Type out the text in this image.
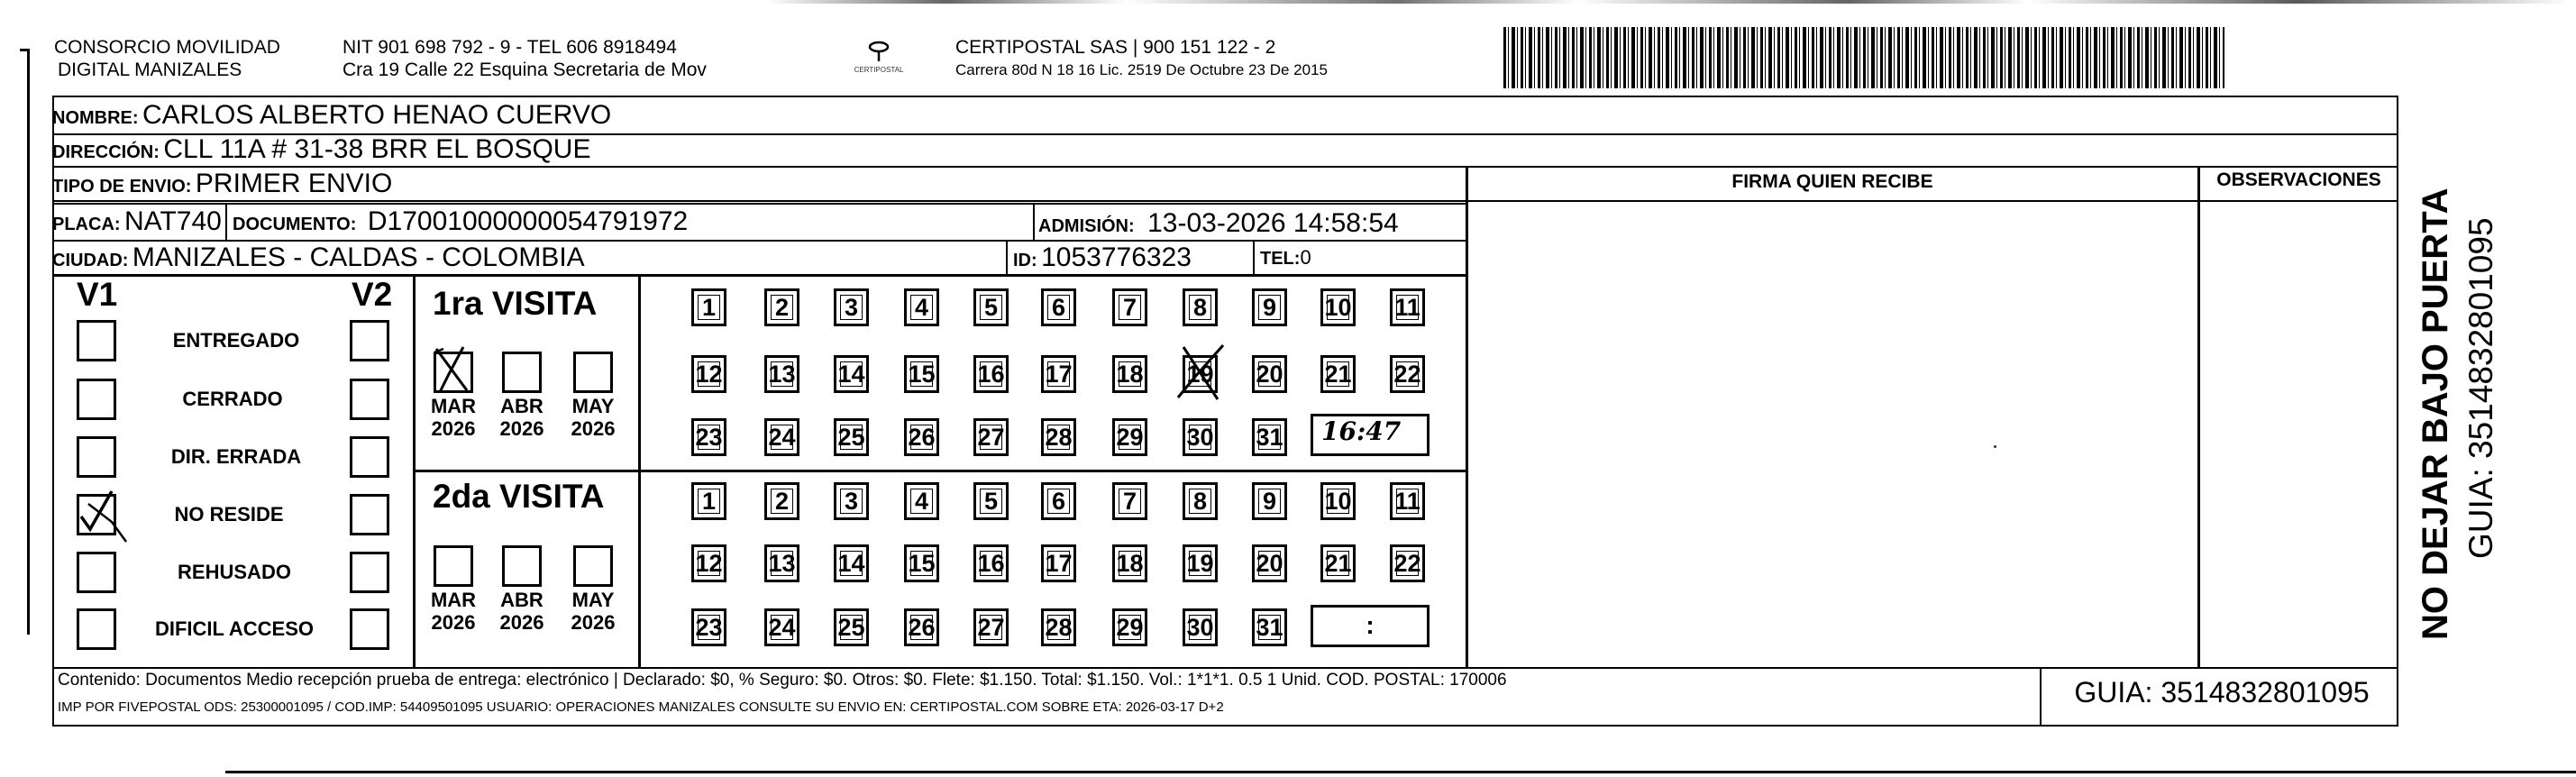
CONSORCIO MOVILIDAD
DIGITAL MANIZALES
NIT 901 698 792 - 9 - TEL 606 8918494
Cra 19 Calle 22 Esquina Secretaria de Mov	CERTIPOSTAL
CERTIPOSTAL SAS | 900 151 122 - 2
Carrera 80d N 18 16 Lic. 2519 De Octubre 23 De 2015
NOMBRE: CARLOS ALBERTO HENAO CUERVO
DIRECCIÓN: CLL 11A # 31-38 BRR EL BOSQUE
TIPO DE ENVIO: PRIMER ENVIO
PLACA: NAT740 DOCUMENTO: D17001000000054791972	ADMISIÓN: 13-03-2026 14:58:54
CIUDAD: MANIZALES - CALDAS - COLOMBIA	ID: 1053776323	TEL:0
FIRMA QUIEN RECIBE	OBSERVACIONES
V1	V2
ENTREGADO
CERRADO
DIR. ERRADA
NO RESIDE
REHUSADO
DIFICIL ACCESO
1ra VISITA
MAR
2026
ABR
2026
MAY
2026
1 2 3 4 5 6 7 8 9 10 11
12 13 14 15 16 17 18 19 20 21 22
23 24 25 26 27 28 29 30 31 16:47
2da VISITA
MAR
2026
ABR
2026
MAY
2026
1 2 3 4 5 6 7 8 9 10 11
12 13 14 15 16 17 18 19 20 21 22
23 24 25 26 27 28 29 30 31	:
Contenido: Documentos Medio recepción prueba de entrega: electrónico | Declarado: $0, % Seguro: $0. Otros: $0. Flete: $1.150. Total: $1.150. Vol.: 1*1*1. 0.5 1 Unid. COD. POSTAL: 170006
IMP POR FIVEPOSTAL ODS: 25300001095 / COD.IMP: 54409501095 USUARIO: OPERACIONES MANIZALES CONSULTE SU ENVIO EN: CERTIPOSTAL.COM SOBRE ETA: 2026-03-17 D+2	GUIA: 3514832801095
NO DEJAR BAJO PUERTA GUIA: 3514832801095
